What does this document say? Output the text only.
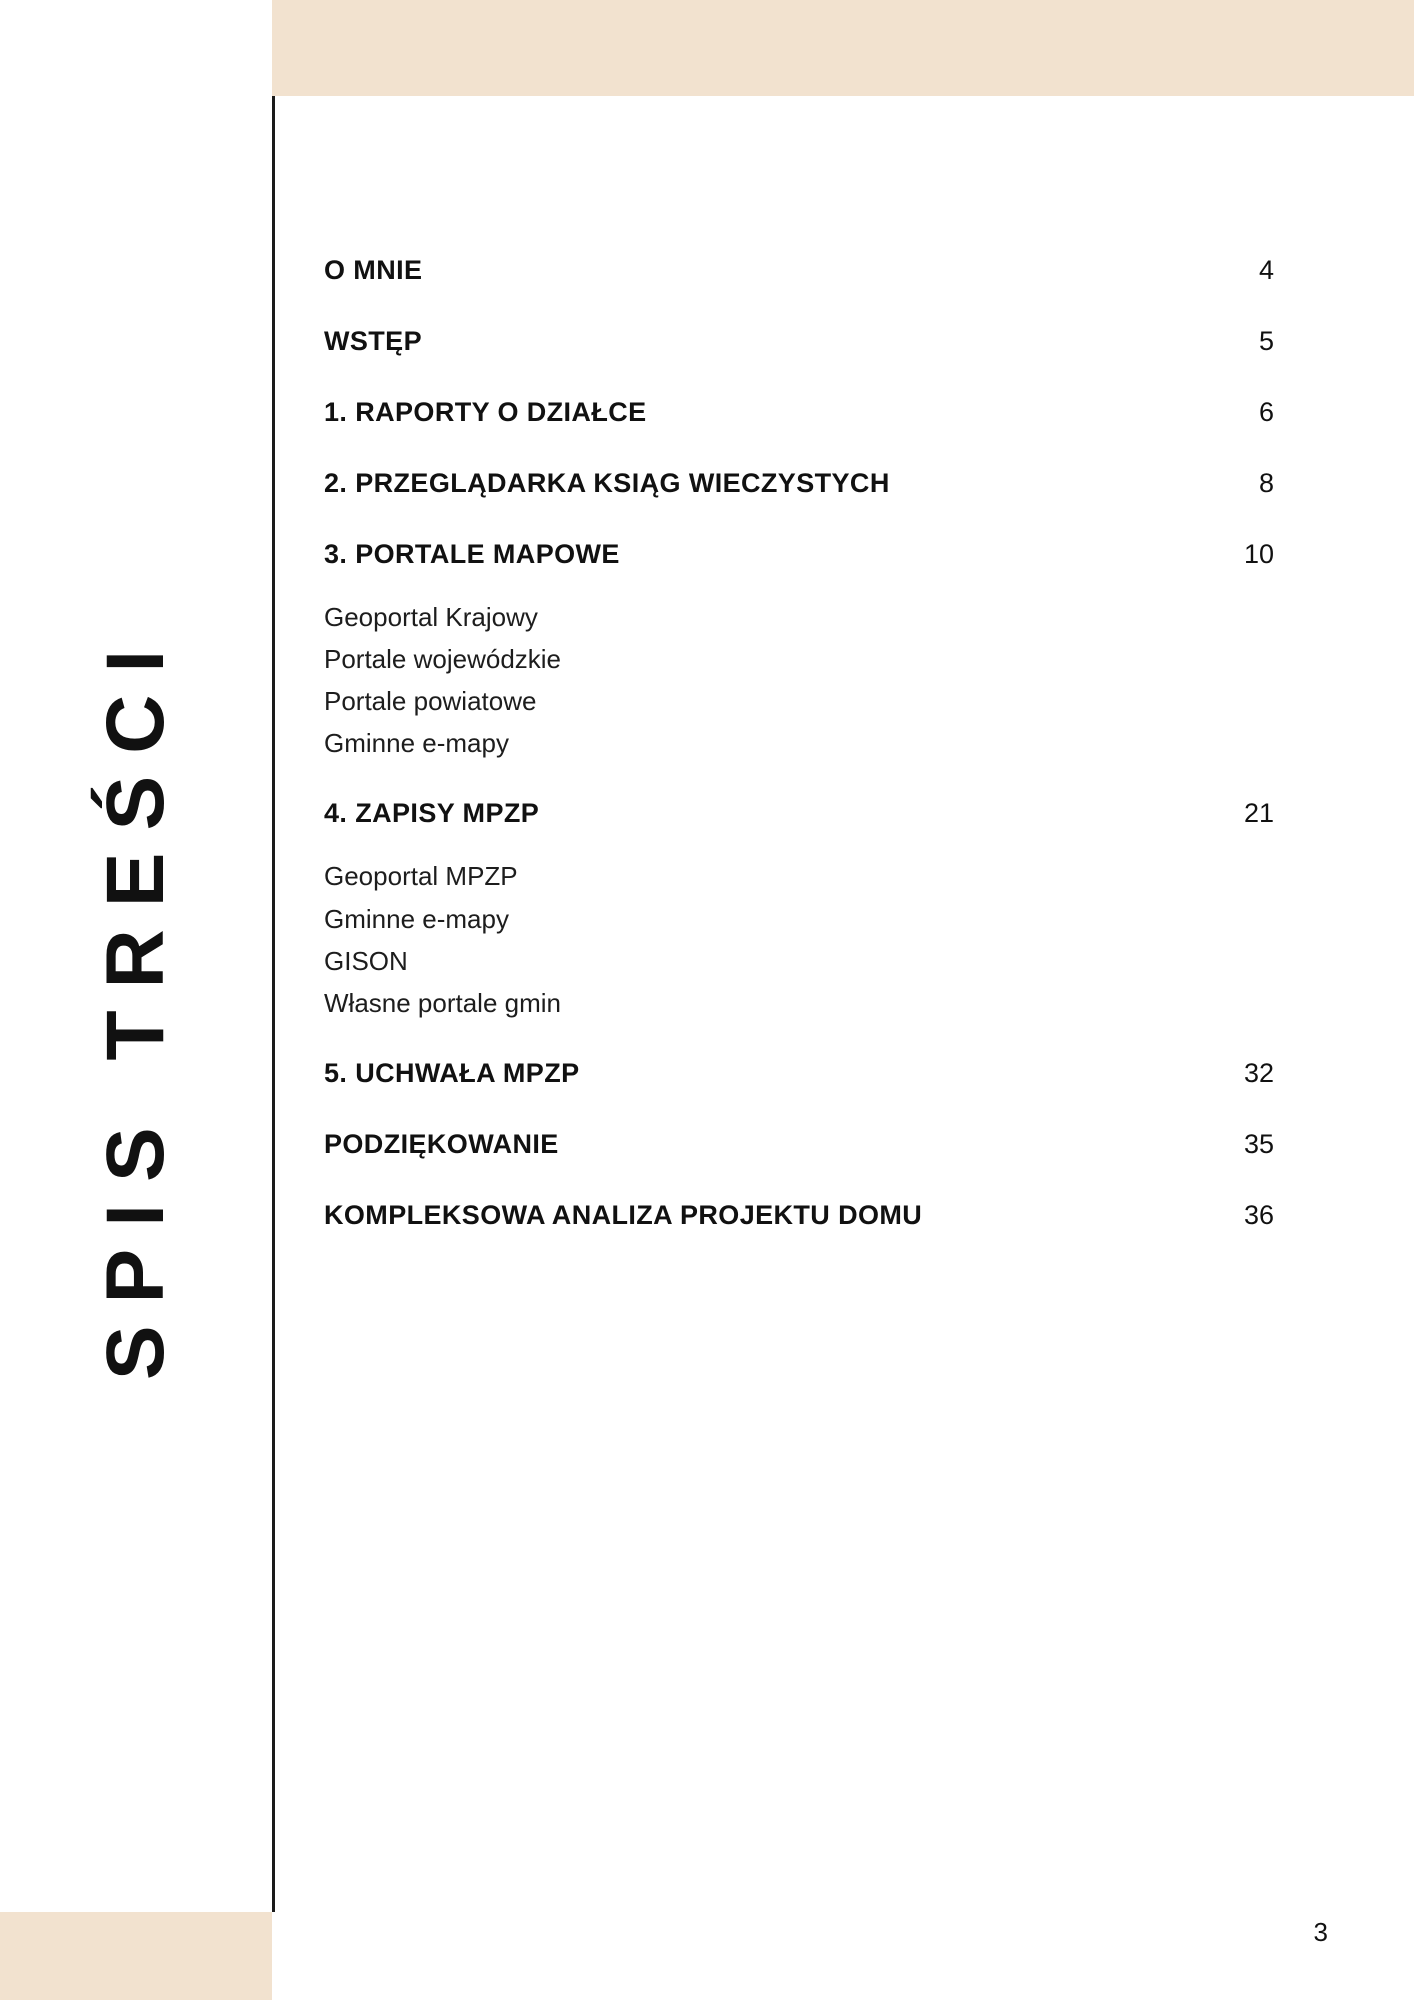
SPIS TREŚCI
O MNIE	4
WSTĘP	5
1. RAPORTY O DZIAŁCE	6
2. PRZEGLĄDARKA KSIĄG WIECZYSTYCH	8
3. PORTALE MAPOWE	10
Geoportal Krajowy
Portale wojewódzkie
Portale powiatowe
Gminne e-mapy
4. ZAPISY MPZP	21
Geoportal MPZP
Gminne e-mapy
GISON
Własne portale gmin
5. UCHWAŁA MPZP	32
PODZIĘKOWANIE	35
KOMPLEKSOWA ANALIZA PROJEKTU DOMU	36
3
